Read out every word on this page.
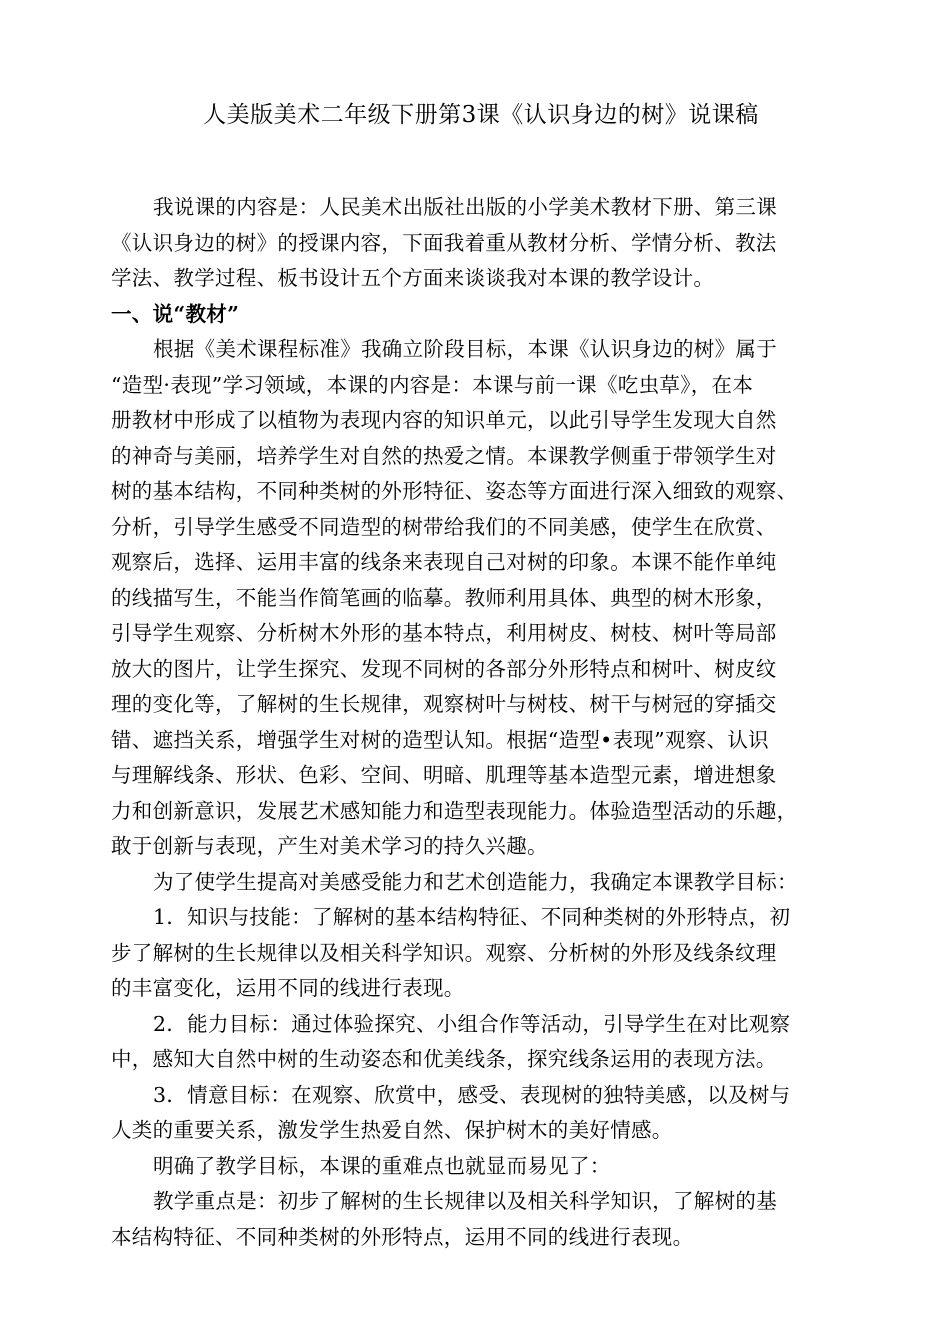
人美版美术二年级下册第3课《认识身边的树》说课稿
我说课的内容是：人民美术出版社出版的小学美术教材下册、第三课
《认识身边的树》的授课内容，下面我着重从教材分析、学情分析、教法
学法、教学过程、板书设计五个方面来谈谈我对本课的教学设计。
一、说“教材”
根据《美术课程标准》我确立阶段目标，本课《认识身边的树》属于
“造型·表现”学习领域，本课的内容是：本课与前一课《吃虫草》，在本
册教材中形成了以植物为表现内容的知识单元，以此引导学生发现大自然
的神奇与美丽，培养学生对自然的热爱之情。本课教学侧重于带领学生对
树的基本结构，不同种类树的外形特征、姿态等方面进行深入细致的观察、
分析，引导学生感受不同造型的树带给我们的不同美感，使学生在欣赏、
观察后，选择、运用丰富的线条来表现自己对树的印象。本课不能作单纯
的线描写生，不能当作简笔画的临摹。教师利用具体、典型的树木形象，
引导学生观察、分析树木外形的基本特点，利用树皮、树枝、树叶等局部
放大的图片，让学生探究、发现不同树的各部分外形特点和树叶、树皮纹
理的变化等，了解树的生长规律，观察树叶与树枝、树干与树冠的穿插交
错、遮挡关系，增强学生对树的造型认知。根据“造型•表现”观察、认识
与理解线条、形状、色彩、空间、明暗、肌理等基本造型元素，增进想象
力和创新意识，发展艺术感知能力和造型表现能力。体验造型活动的乐趣，
敢于创新与表现，产生对美术学习的持久兴趣。
为了使学生提高对美感受能力和艺术创造能力，我确定本课教学目标：
1．知识与技能：了解树的基本结构特征、不同种类树的外形特点，初
步了解树的生长规律以及相关科学知识。观察、分析树的外形及线条纹理
的丰富变化，运用不同的线进行表现。
2．能力目标：通过体验探究、小组合作等活动，引导学生在对比观察
中，感知大自然中树的生动姿态和优美线条，探究线条运用的表现方法。
3．情意目标：在观察、欣赏中，感受、表现树的独特美感，以及树与
人类的重要关系，激发学生热爱自然、保护树木的美好情感。
明确了教学目标，本课的重难点也就显而易见了：
教学重点是：初步了解树的生长规律以及相关科学知识，了解树的基
本结构特征、不同种类树的外形特点，运用不同的线进行表现。
